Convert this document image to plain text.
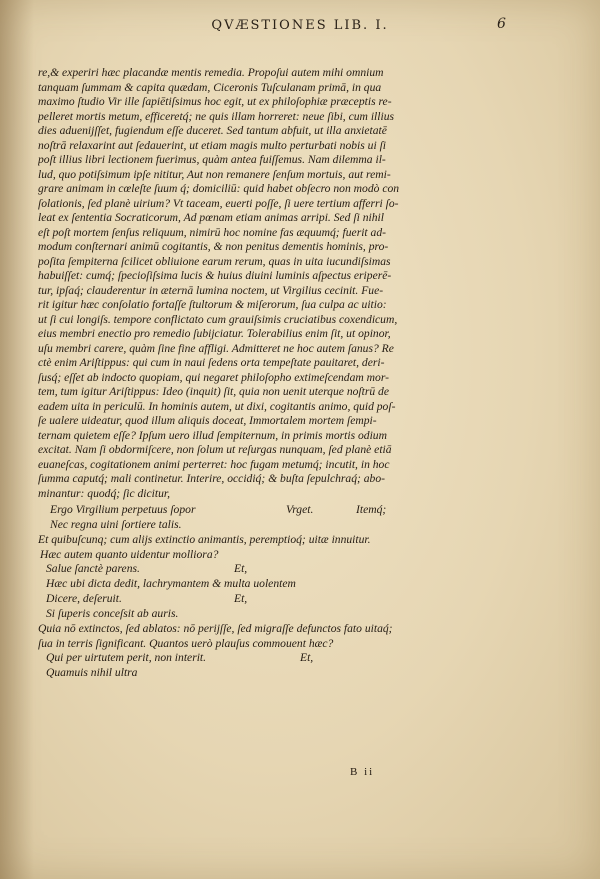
QVÆSTIONES LIB. I.	6
re,& experiri hæc placandæ mentis remedia. Propoſui autem mihi omnium
tanquam ſummam & capita quædam, Ciceronis Tuſculanam primā, in qua
maximo ſtudio Vir ille ſapiētiſsimus hoc egit, ut ex philoſophiæ præceptis re-
pelleret mortis metum, efficeretq́; ne quis illam horreret: neue ſibi, cum illius
dies aduenijſſet, fugiendum eſſe duceret. Sed tantum abfuit, ut illa anxietatē
noſtrā relaxarint aut ſedauerint, ut etiam magis multo perturbati nobis ui ſi
poſt illius libri lectionem fuerimus, quàm antea fuiſſemus. Nam dilemma il-
lud, quo potiſsimum ipſe nititur, Aut non remanere ſenſum mortuis, aut remi-
grare animam in cœleſte ſuum q́; domiciliū: quid habet obſecro non modò con
ſolationis, ſed planè uirium? Vt taceam, euerti poſſe, ſi uere tertium afferri ſo-
leat ex ſententia Socraticorum, Ad pœnam etiam animas arripi. Sed ſi nihil
eſt poſt mortem ſenſus reliquum, nimirū hoc nomine fas æquumq́; fuerit ad-
modum conſternari animū cogitantis, & non penitus dementis hominis, pro-
poſita ſempiterna ſcilicet obliuione earum rerum, quas in uita iucundiſsimas
habuiſſet: cumq́; ſpecioſiſsima lucis & huius diuini luminis aſpectus eriperē-
tur, ipſaq́; clauderentur in æternā lumina noctem, ut Virgilius cecinit. Fue-
rit igitur hæc conſolatio fortaſſe ſtultorum & miſerorum, ſua culpa ac uitio:
ut ſi cui longiſs. tempore conflictato cum grauiſsimis cruciatibus coxendicum,
eius membri enectio pro remedio ſubijciatur. Tolerabilius enim ſit, ut opinor,
uſu membri carere, quàm ſine fine affligi. Admitteret ne hoc autem ſanus? Re
ctè enim Ariſtippus: qui cum in naui ſedens orta tempeſtate pauitaret, deri-
ſusq́; eſſet ab indocto quopiam, qui negaret philoſopho extimeſcendam mor-
tem, tum igitur Ariſtippus: Ideo (inquit) ſit, quia non uenit uterque noſtrū de
eadem uita in periculū. In hominis autem, ut dixi, cogitantis animo, quid poſ-
ſe ualere uideatur, quod illum aliquis doceat, Immortalem mortem ſempi-
ternam quietem eſſe? Ipſum uero illud ſempiternum, in primis mortis odium
excitat. Nam ſi obdormiſcere, non ſolum ut reſurgas nunquam, ſed planè etiā
euaneſcas, cogitationem animi perterret: hoc fugam metumq́; incutit, in hoc
ſumma caputq́; mali continetur. Interire, occidiq́; & buſta ſepulchraq́; abo-
minantur: quodq́; ſic dicitur,
Ergo Virgilium perpetuus ſopor	Vrget.	Itemq́;
Nec regna uini ſortiere talis.
Et quibuſcunq; cum alijs extinctio animantis, peremptioq́; uitæ innuitur.
Hæc autem quanto uidentur molliora?
Salue ſanctè parens.	Et,
Hæc ubi dicta dedit, lachrymantem & multa uolentem
Dicere, deſeruit.	Et,
Si ſuperis conceſsit ab auris.
Quia nō extinctos, ſed ablatos: nō perijſſe, ſed migraſſe defunctos fato uitaq́;
ſua in terris ſignificant. Quantos uerò plauſus commouent hæc?
Qui per uirtutem perit, non interit.	Et,
Quamuis nihil ultra
B ii
